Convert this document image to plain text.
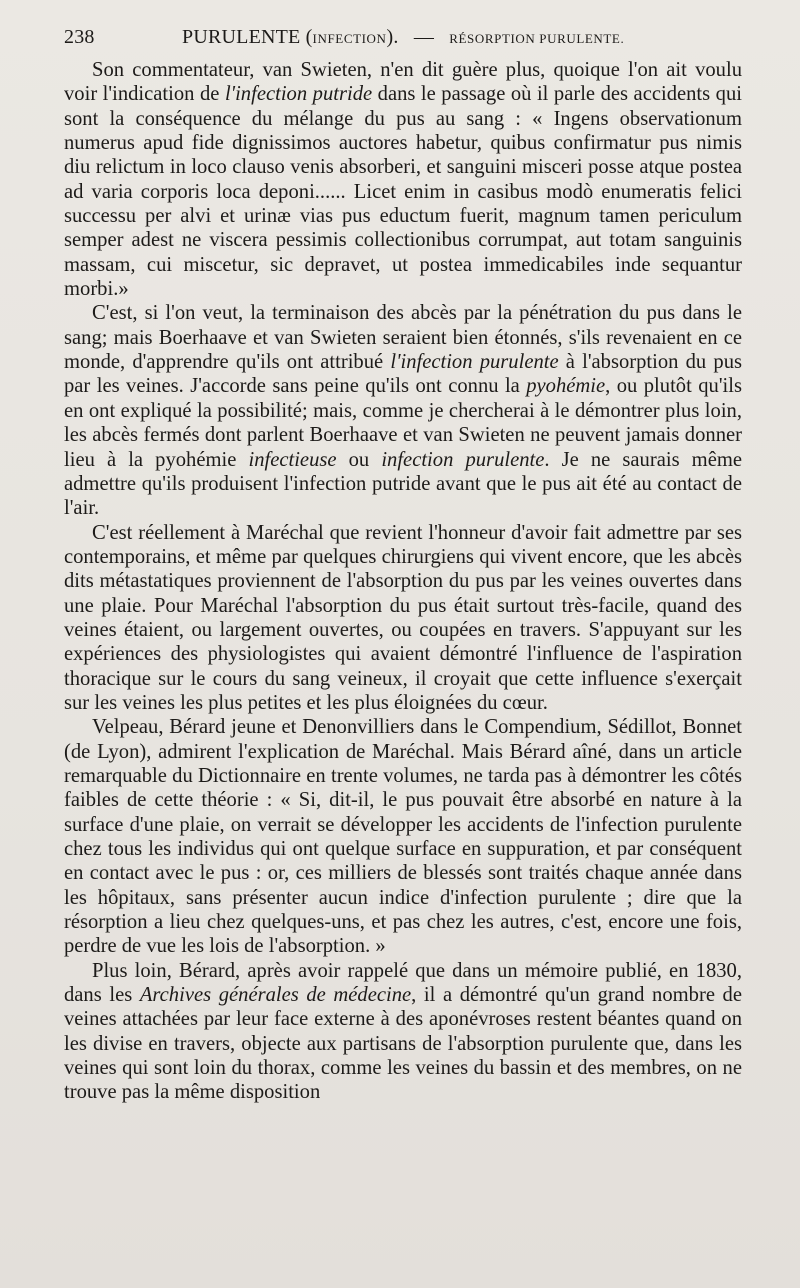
238	PURULENTE (INFECTION). — RÉSORPTION PURULENTE.

Son commentateur, van Swieten, n'en dit guère plus, quoique l'on ait voulu voir l'indication de l'infection putride dans le passage où il parle des accidents qui sont la conséquence du mélange du pus au sang : « Ingens observationum numerus apud fide dignissimos auctores habetur, quibus confirmatur pus nimis diu relictum in loco clauso venis absorberi, et sanguini misceri posse atque postea ad varia corporis loca deponi...... Licet enim in casibus modò enumeratis felici successu per alvi et urinæ vias pus eductum fuerit, magnum tamen periculum semper adest ne viscera pessimis collectionibus corrumpat, aut totam sanguinis massam, cui miscetur, sic depravet, ut postea immedicabiles inde sequantur morbi.»

C'est, si l'on veut, la terminaison des abcès par la pénétration du pus dans le sang; mais Boerhaave et van Swieten seraient bien étonnés, s'ils revenaient en ce monde, d'apprendre qu'ils ont attribué l'infection purulente à l'absorption du pus par les veines. J'accorde sans peine qu'ils ont connu la pyohémie, ou plutôt qu'ils en ont expliqué la possibilité; mais, comme je chercherai à le démontrer plus loin, les abcès fermés dont parlent Boerhaave et van Swieten ne peuvent jamais donner lieu à la pyohémie infectieuse ou infection purulente. Je ne saurais même admettre qu'ils produisent l'infection putride avant que le pus ait été au contact de l'air.

C'est réellement à Maréchal que revient l'honneur d'avoir fait admettre par ses contemporains, et même par quelques chirurgiens qui vivent encore, que les abcès dits métastatiques proviennent de l'absorption du pus par les veines ouvertes dans une plaie. Pour Maréchal l'absorption du pus était surtout très-facile, quand des veines étaient, ou largement ouvertes, ou coupées en travers. S'appuyant sur les expériences des physiologistes qui avaient démontré l'influence de l'aspiration thoracique sur le cours du sang veineux, il croyait que cette influence s'exerçait sur les veines les plus petites et les plus éloignées du cœur.

Velpeau, Bérard jeune et Denonvilliers dans le Compendium, Sédillot, Bonnet (de Lyon), admirent l'explication de Maréchal. Mais Bérard aîné, dans un article remarquable du Dictionnaire en trente volumes, ne tarda pas à démontrer les côtés faibles de cette théorie : « Si, dit-il, le pus pouvait être absorbé en nature à la surface d'une plaie, on verrait se développer les accidents de l'infection purulente chez tous les individus qui ont quelque surface en suppuration, et par conséquent en contact avec le pus : or, ces milliers de blessés sont traités chaque année dans les hôpitaux, sans présenter aucun indice d'infection purulente ; dire que la résorption a lieu chez quelques-uns, et pas chez les autres, c'est, encore une fois, perdre de vue les lois de l'absorption. »

Plus loin, Bérard, après avoir rappelé que dans un mémoire publié, en 1830, dans les Archives générales de médecine, il a démontré qu'un grand nombre de veines attachées par leur face externe à des aponévroses restent béantes quand on les divise en travers, objecte aux partisans de l'absorption purulente que, dans les veines qui sont loin du thorax, comme les veines du bassin et des membres, on ne trouve pas la même disposition
